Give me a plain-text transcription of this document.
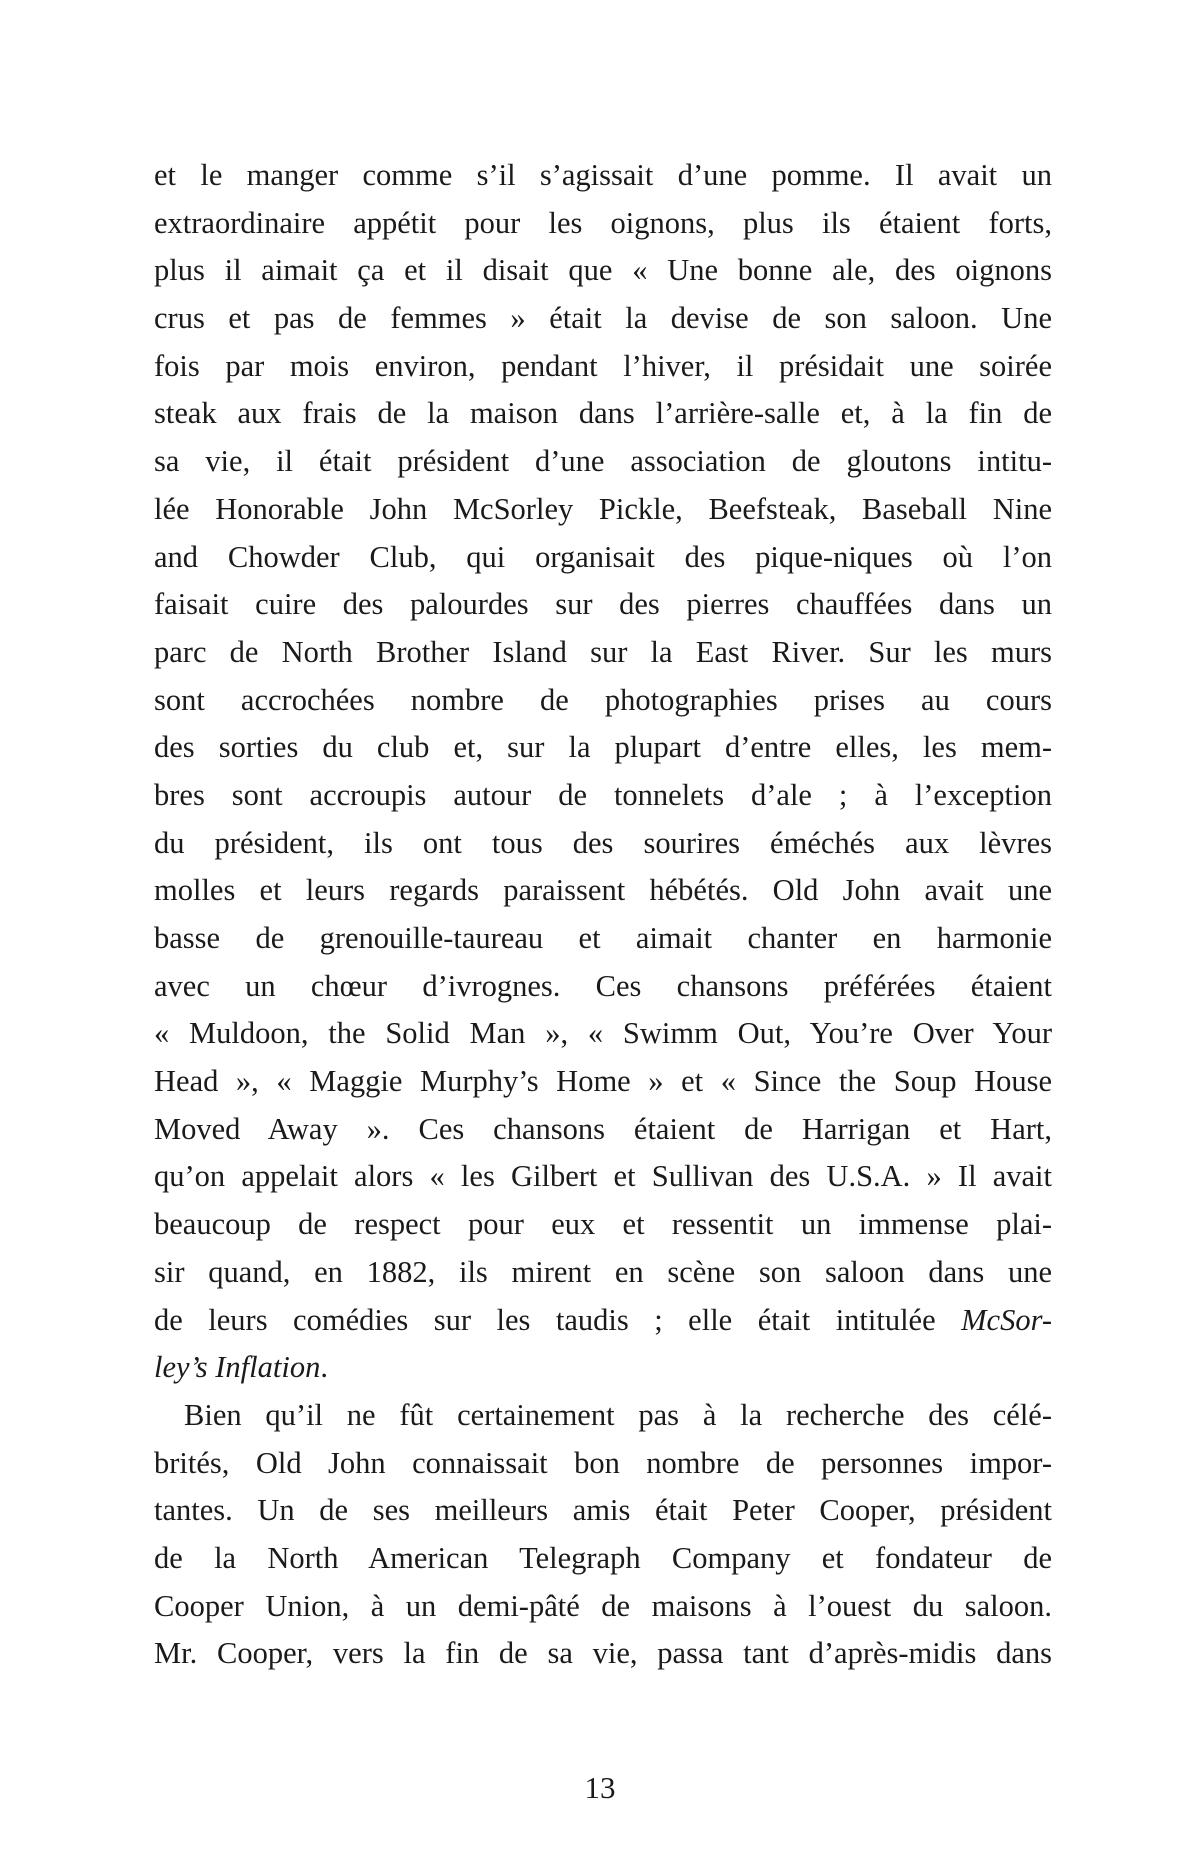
et le manger comme s’il s’agissait d’une pomme. Il avait un
extraordinaire appétit pour les oignons, plus ils étaient forts,
plus il aimait ça et il disait que « Une bonne ale, des oignons
crus et pas de femmes » était la devise de son saloon. Une
fois par mois environ, pendant l’hiver, il présidait une soirée
steak aux frais de la maison dans l’arrière-salle et, à la fin de
sa vie, il était président d’une association de gloutons intitu-
lée Honorable John McSorley Pickle, Beefsteak, Baseball Nine
and Chowder Club, qui organisait des pique-niques où l’on
faisait cuire des palourdes sur des pierres chauffées dans un
parc de North Brother Island sur la East River. Sur les murs
sont accrochées nombre de photographies prises au cours
des sorties du club et, sur la plupart d’entre elles, les mem-
bres sont accroupis autour de tonnelets d’ale ; à l’exception
du président, ils ont tous des sourires éméchés aux lèvres
molles et leurs regards paraissent hébétés. Old John avait une
basse de grenouille-taureau et aimait chanter en harmonie
avec un chœur d’ivrognes. Ces chansons préférées étaient
« Muldoon, the Solid Man », « Swimm Out, You’re Over Your
Head », « Maggie Murphy’s Home » et « Since the Soup House
Moved Away ». Ces chansons étaient de Harrigan et Hart,
qu’on appelait alors « les Gilbert et Sullivan des U.S.A. » Il avait
beaucoup de respect pour eux et ressentit un immense plai-
sir quand, en 1882, ils mirent en scène son saloon dans une
de leurs comédies sur les taudis ; elle était intitulée McSor-
ley’s Inflation.
Bien qu’il ne fût certainement pas à la recherche des célé-
brités, Old John connaissait bon nombre de personnes impor-
tantes. Un de ses meilleurs amis était Peter Cooper, président
de la North American Telegraph Company et fondateur de
Cooper Union, à un demi-pâté de maisons à l’ouest du saloon.
Mr. Cooper, vers la fin de sa vie, passa tant d’après-midis dans
13
